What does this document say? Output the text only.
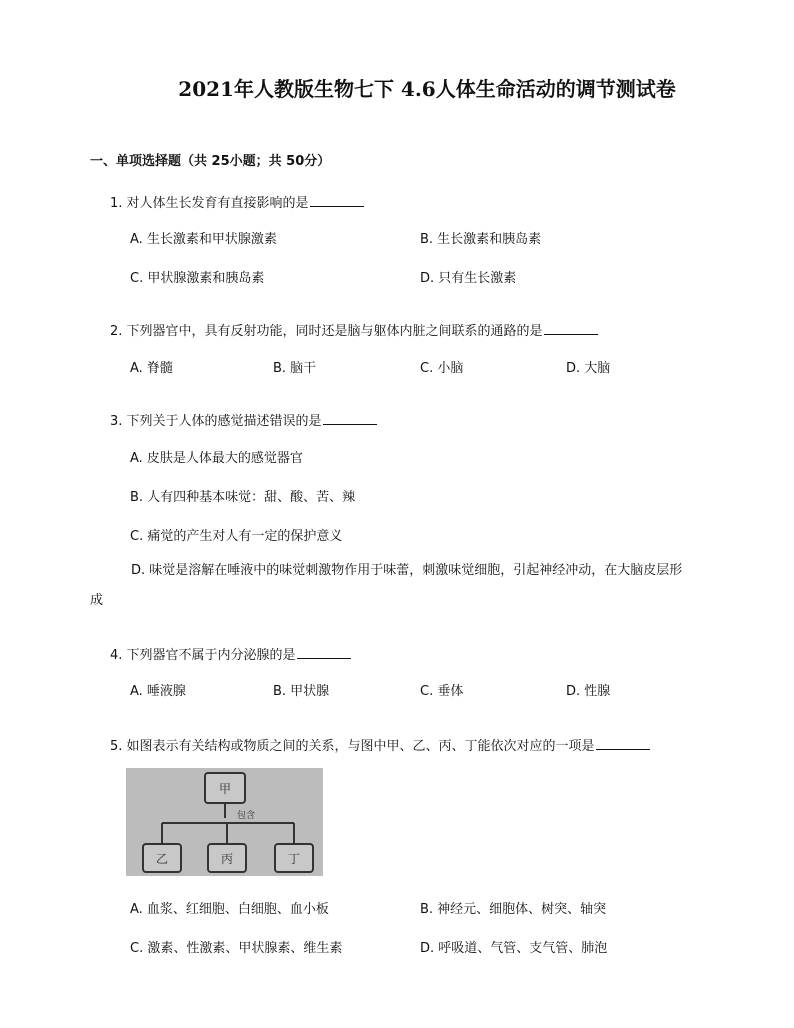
2021年人教版生物七下 4.6人体生命活动的调节测试卷
一、单项选择题（共 25小题；共 50分）
1. 对人体生长发育有直接影响的是
A. 生长激素和甲状腺激素	B. 生长激素和胰岛素
C. 甲状腺激素和胰岛素	D. 只有生长激素
2. 下列器官中，具有反射功能，同时还是脑与躯体内脏之间联系的通路的是
A. 脊髓	B. 脑干	C. 小脑	D. 大脑
3. 下列关于人体的感觉描述错误的是
A. 皮肤是人体最大的感觉器官
B. 人有四种基本味觉：甜、酸、苦、辣
C. 痛觉的产生对人有一定的保护意义
D. 味觉是溶解在唾液中的味觉刺激物作用于味蕾，刺激味觉细胞，引起神经冲动，在大脑皮层形成
4. 下列器官不属于内分泌腺的是
A. 唾液腺	B. 甲状腺	C. 垂体	D. 性腺
5. 如图表示有关结构或物质之间的关系，与图中甲、乙、丙、丁能依次对应的一项是
甲
包含
乙	丙	丁
A. 血浆、红细胞、白细胞、血小板	B. 神经元、细胞体、树突、轴突
C. 激素、性激素、甲状腺素、维生素	D. 呼吸道、气管、支气管、肺泡
